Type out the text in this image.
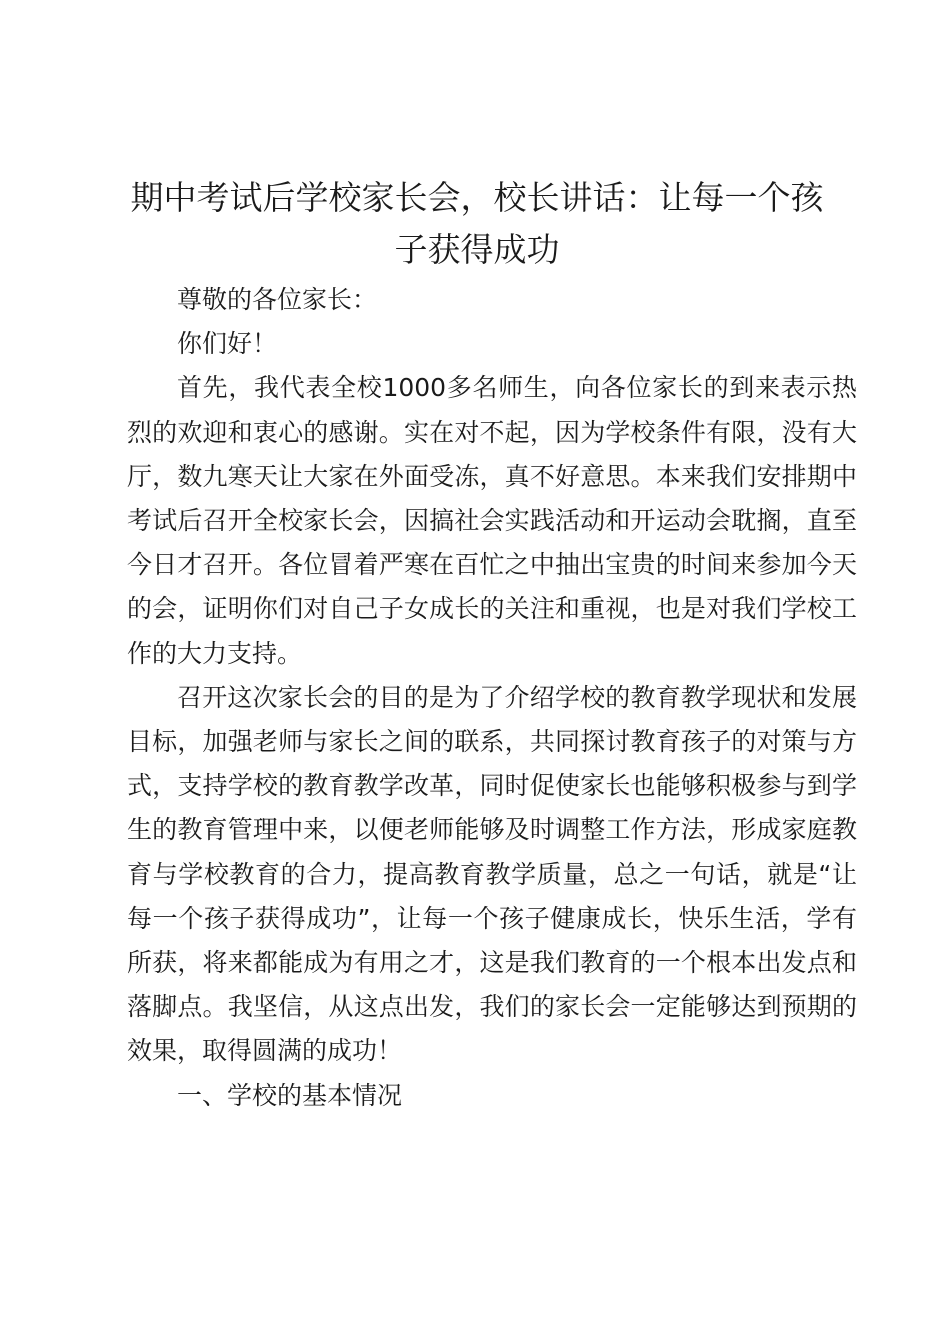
期中考试后学校家长会，校长讲话：让每一个孩子获得成功

尊敬的各位家长：

你们好！

首先，我代表全校1000多名师生，向各位家长的到来表示热烈的欢迎和衷心的感谢。实在对不起，因为学校条件有限，没有大厅，数九寒天让大家在外面受冻，真不好意思。本来我们安排期中考试后召开全校家长会，因搞社会实践活动和开运动会耽搁，直至今日才召开。各位冒着严寒在百忙之中抽出宝贵的时间来参加今天的会，证明你们对自己子女成长的关注和重视，也是对我们学校工作的大力支持。

召开这次家长会的目的是为了介绍学校的教育教学现状和发展目标，加强老师与家长之间的联系，共同探讨教育孩子的对策与方式，支持学校的教育教学改革，同时促使家长也能够积极参与到学生的教育管理中来，以便老师能够及时调整工作方法，形成家庭教育与学校教育的合力，提高教育教学质量，总之一句话，就是“让每一个孩子获得成功”，让每一个孩子健康成长，快乐生活，学有所获，将来都能成为有用之才，这是我们教育的一个根本出发点和落脚点。我坚信，从这点出发，我们的家长会一定能够达到预期的效果，取得圆满的成功！

一、学校的基本情况
